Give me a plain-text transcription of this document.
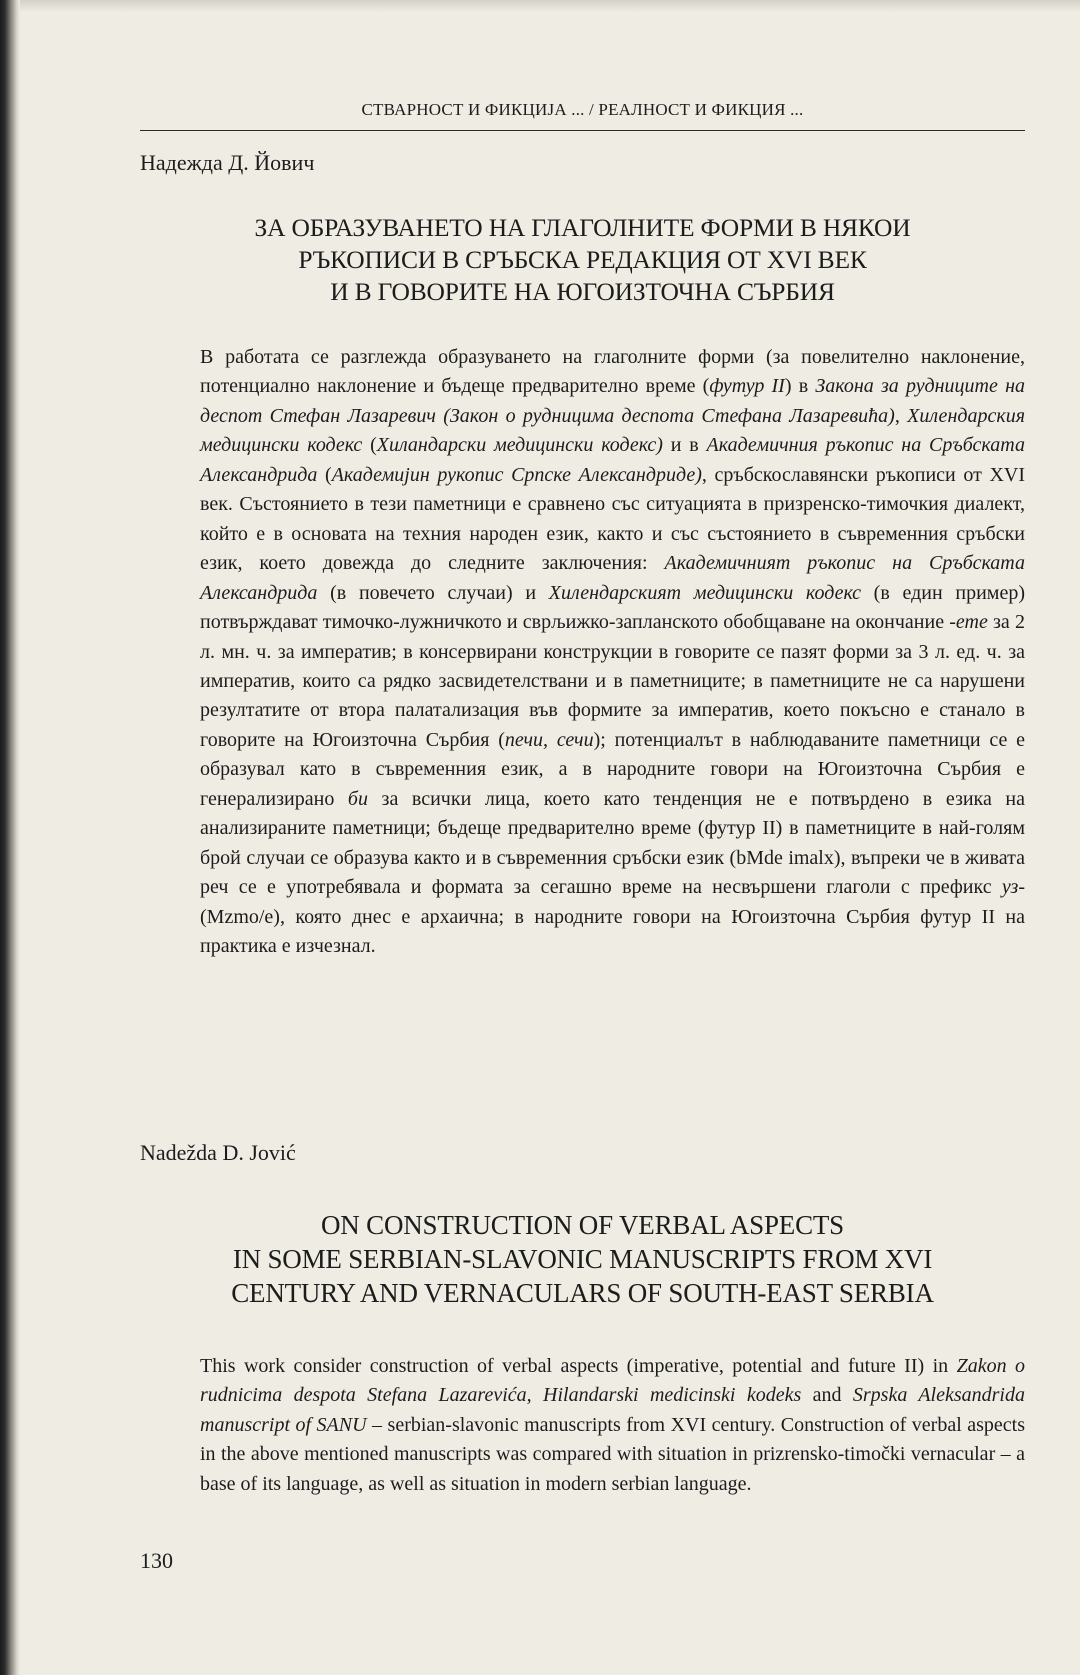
СТВАРНОСТ И ФИКЦИЈА ... / РЕАЛНОСТ И ФИКЦИЯ ...
Надежда Д. Йович
ЗА ОБРАЗУВАНЕТО НА ГЛАГОЛНИТЕ ФОРМИ В НЯКОИ
РЪКОПИСИ В СРЪБСКА РЕДАКЦИЯ ОТ XVI ВЕК
И В ГОВОРИТЕ НА ЮГОИЗТОЧНА СЪРБИЯ
В работата се разглежда образуването на глаголните форми (за повелително наклонение, потенциално наклонение и бъдеще предварително време (футур II) в Закона за рудниците на деспот Стефан Лазаревич (Закон о рудницима деспота Стефана Лазаревића), Хилендарския медицински кодекс (Хиландарски медицински кодекс) и в Академичния ръкопис на Сръбската Александрида (Академијин рукопис Српске Александриде), сръбскославянски ръкописи от XVI век. Състоянието в тези паметници е сравнено със ситуацията в призренско-тимочкия диалект, който е в основата на техния народен език, както и със състоянието в съвременния сръбски език, което довежда до следните заключения: Академичният ръкопис на Сръбската Александрида (в повечето случаи) и Хилендарският медицински кодекс (в един пример) потвърждават тимочко-лужничкото и сврљижко-запланското обобщаване на окончание -ете за 2 л. мн. ч. за императив; в консервирани конструкции в говорите се пазят форми за 3 л. ед. ч. за императив, които са рядко засвидетелствани и в паметниците; в паметниците не са нарушени резултатите от втора палатализация във формите за императив, което покъсно е станало в говорите на Югоизточна Сърбия (печи, сечи); потенциалът в наблюдаваните паметници се е образувал като в съвременния език, а в народните говори на Югоизточна Сърбия е генерализирано би за всички лица, което като тенденция не е потвърдено в езика на анализираните паметници; бъдеще предварително време (футур II) в паметниците в най-голям брой случаи се образува както и в съвременния сръбски език (bMde imalx), въпреки че в живата реч се е употребявала и формата за сегашно време на несвършени глаголи с префикс уз- (Mzmo/e), която днес е архаична; в народните говори на Югоизточна Сърбия футур II на практика е изчезнал.
Nadežda D. Jović
ON CONSTRUCTION OF VERBAL ASPECTS
IN SOME SERBIAN-SLAVONIC MANUSCRIPTS FROM XVI
CENTURY AND VERNACULARS OF SOUTH-EAST SERBIA
This work consider construction of verbal aspects (imperative, potential and future II) in Zakon o rudnicima despota Stefana Lazarevića, Hilandarski medicinski kodeks and Srpska Aleksandrida manuscript of SANU – serbian-slavonic manuscripts from XVI century. Construction of verbal aspects in the above mentioned manuscripts was compared with situation in prizrensko-timočki vernacular – a base of its language, as well as situation in modern serbian language.
130
